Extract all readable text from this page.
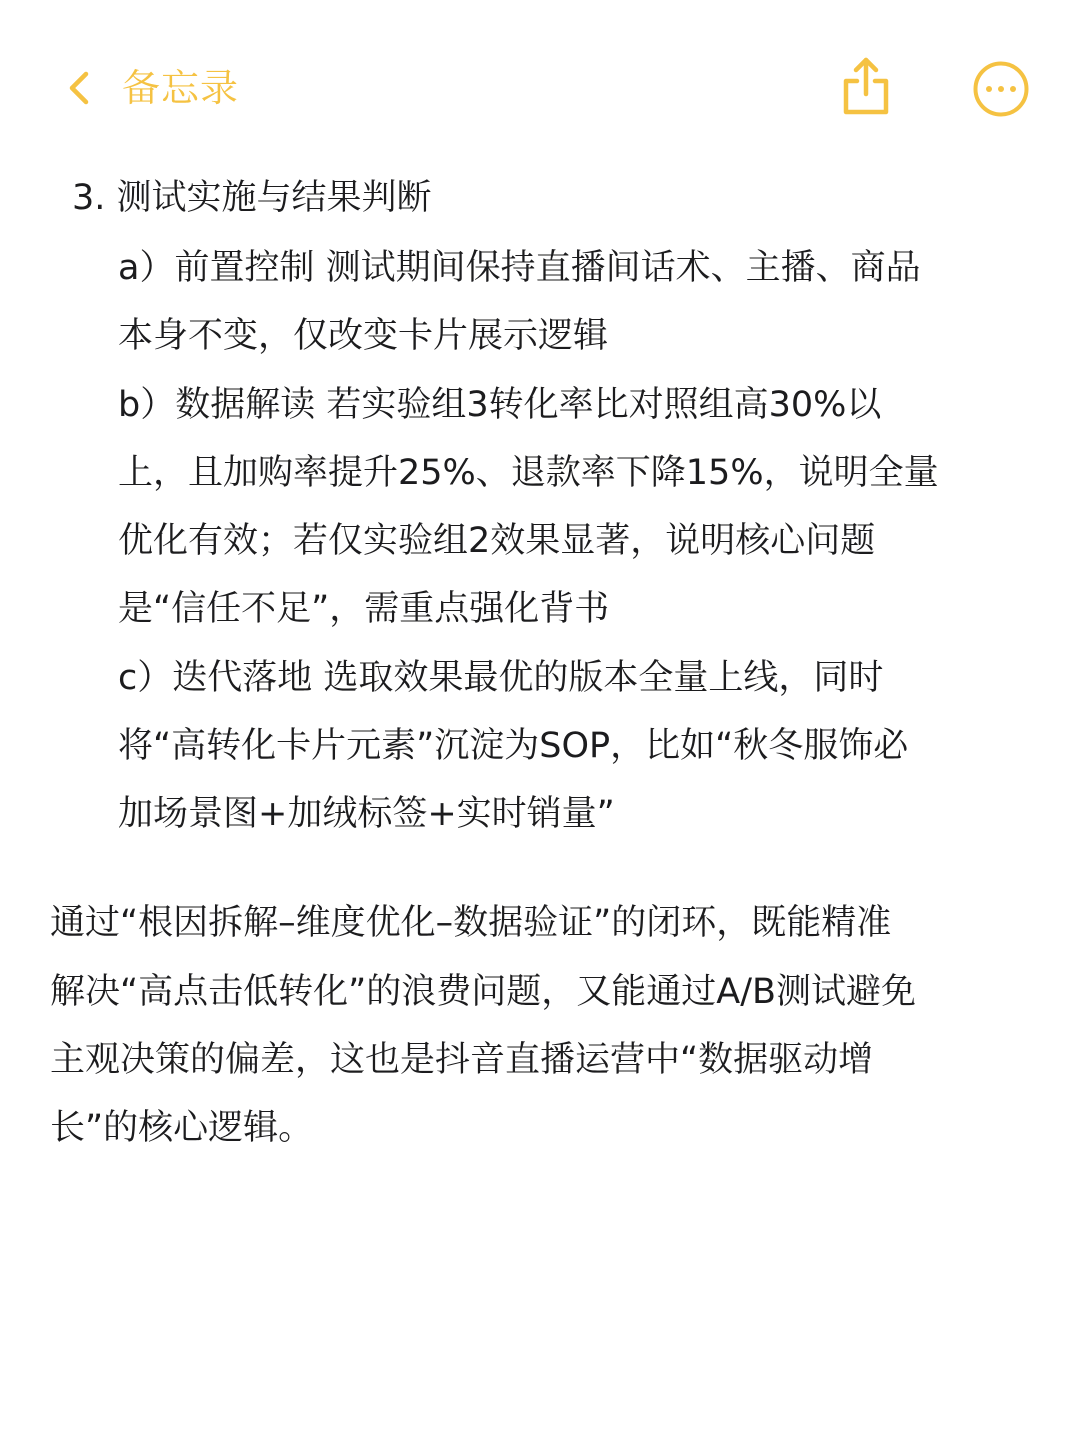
备忘录
3. 测试实施与结果判断
a）前置控制 测试期间保持直播间话术、主播、商品
本身不变，仅改变卡片展示逻辑
b）数据解读 若实验组3转化率比对照组高30%以
上，且加购率提升25%、退款率下降15%，说明全量
优化有效；若仅实验组2效果显著，说明核心问题
是“信任不足”，需重点强化背书
c）迭代落地 选取效果最优的版本全量上线，同时
将“高转化卡片元素”沉淀为SOP，比如“秋冬服饰必
加场景图+加绒标签+实时销量”
通过“根因拆解–维度优化–数据验证”的闭环，既能精准
解决“高点击低转化”的浪费问题，又能通过A/B测试避免
主观决策的偏差，这也是抖音直播运营中“数据驱动增
长”的核心逻辑。
